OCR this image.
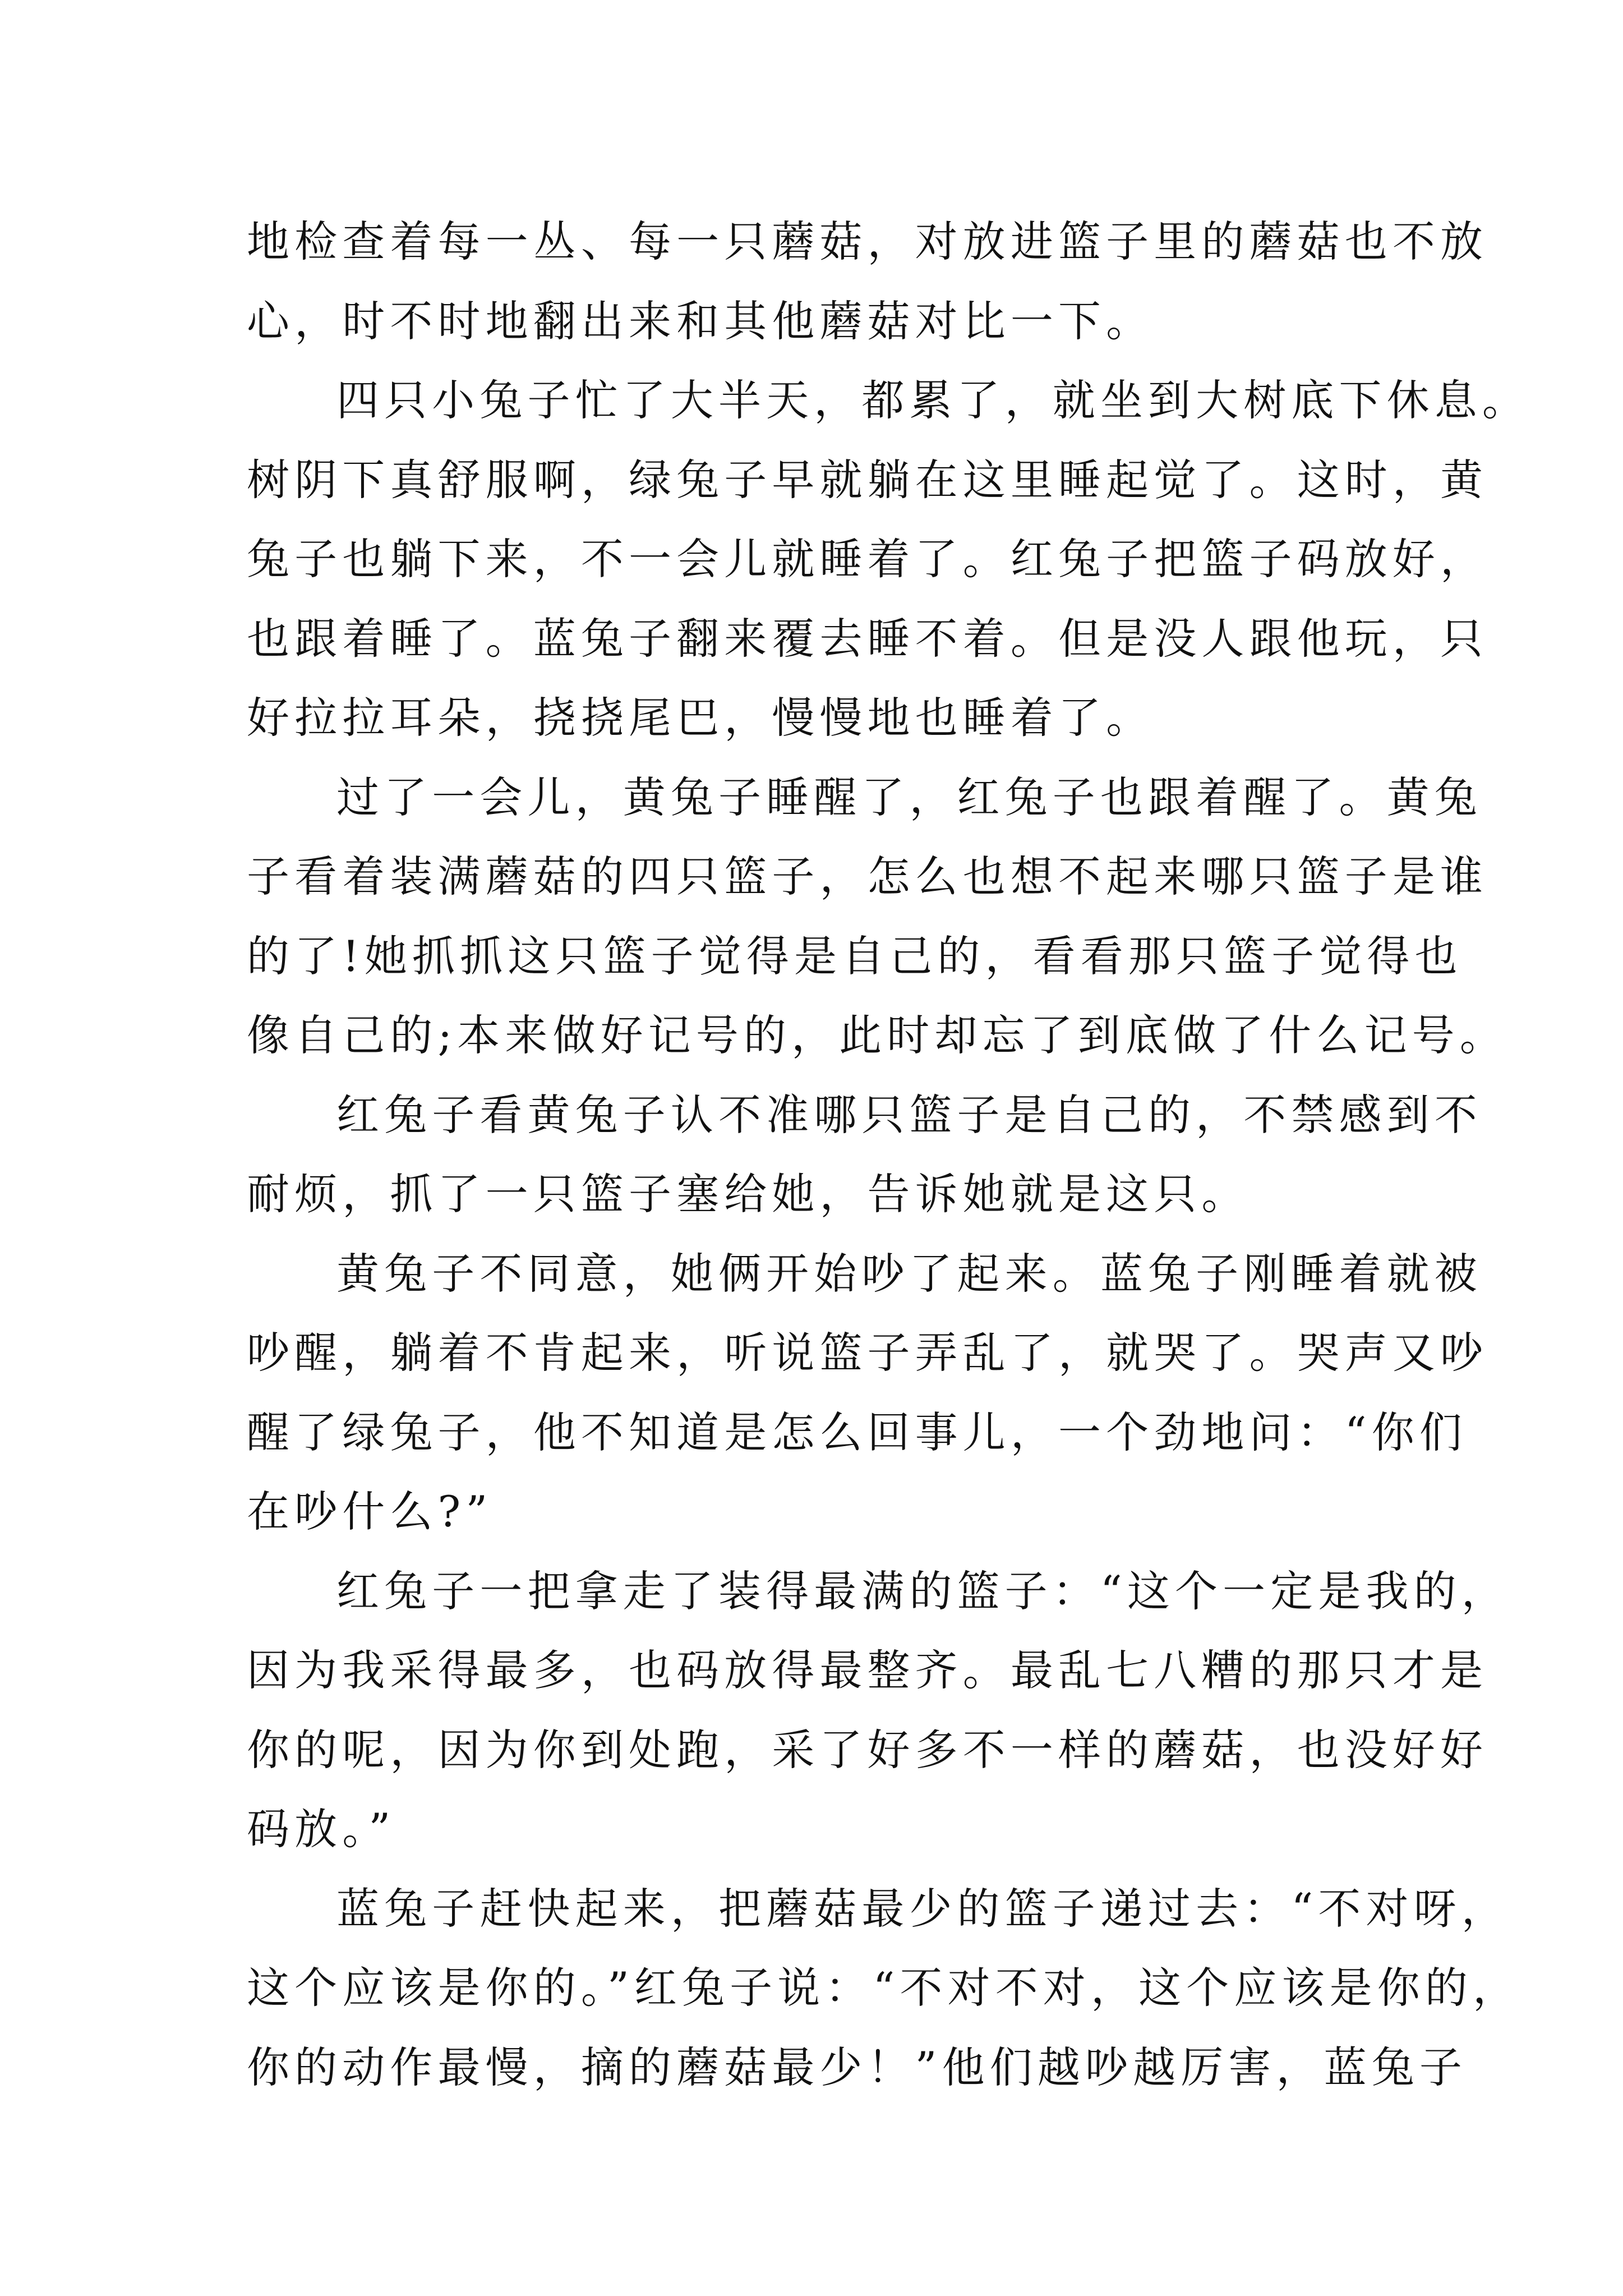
地检查着每一丛、每一只蘑菇，对放进篮子里的蘑菇也不放
心，时不时地翻出来和其他蘑菇对比一下。
四只小兔子忙了大半天，都累了，就坐到大树底下休息。
树阴下真舒服啊，绿兔子早就躺在这里睡起觉了。这时，黄
兔子也躺下来，不一会儿就睡着了。红兔子把篮子码放好，
也跟着睡了。蓝兔子翻来覆去睡不着。但是没人跟他玩，只
好拉拉耳朵，挠挠尾巴，慢慢地也睡着了。
过了一会儿，黄兔子睡醒了，红兔子也跟着醒了。黄兔
子看着装满蘑菇的四只篮子，怎么也想不起来哪只篮子是谁
的了!她抓抓这只篮子觉得是自己的，看看那只篮子觉得也
像自己的;本来做好记号的，此时却忘了到底做了什么记号。
红兔子看黄兔子认不准哪只篮子是自己的，不禁感到不
耐烦，抓了一只篮子塞给她，告诉她就是这只。
黄兔子不同意，她俩开始吵了起来。蓝兔子刚睡着就被
吵醒，躺着不肯起来，听说篮子弄乱了，就哭了。哭声又吵
醒了绿兔子，他不知道是怎么回事儿，一个劲地问：“你们
在吵什么?”
红兔子一把拿走了装得最满的篮子：“这个一定是我的，
因为我采得最多，也码放得最整齐。最乱七八糟的那只才是
你的呢，因为你到处跑，采了好多不一样的蘑菇，也没好好
码放。”
蓝兔子赶快起来，把蘑菇最少的篮子递过去：“不对呀，
这个应该是你的。”红兔子说：“不对不对，这个应该是你的，
你的动作最慢，摘的蘑菇最少！”他们越吵越厉害，蓝兔子
